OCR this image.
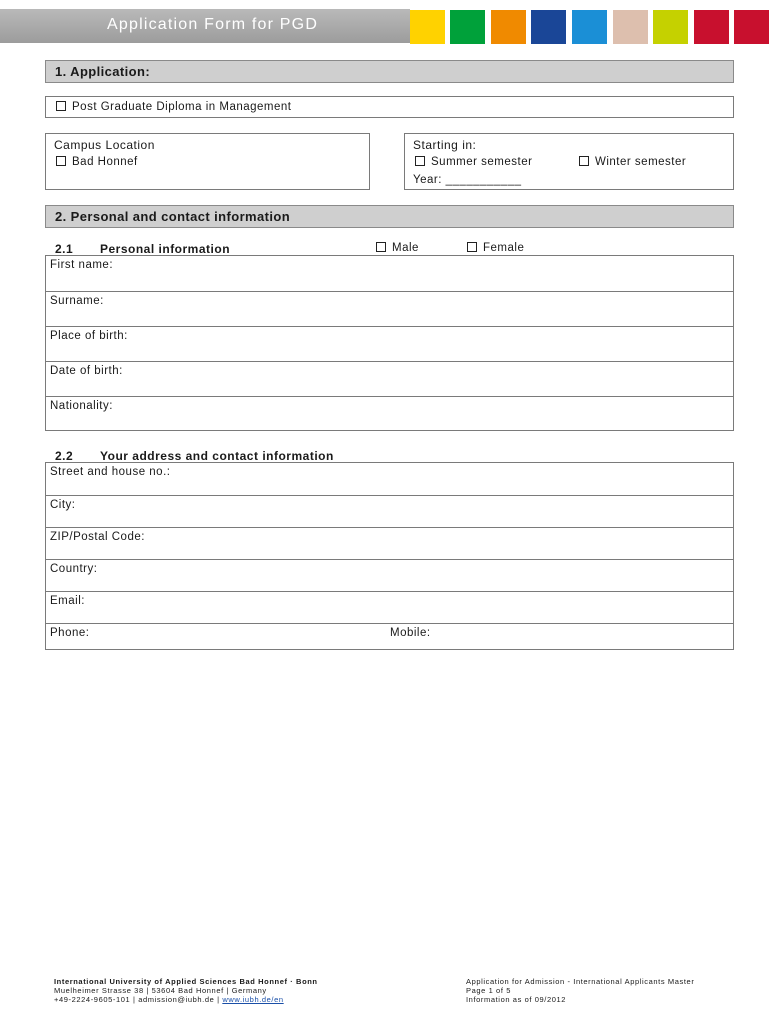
Application Form for PGD
1. Application:
Post Graduate Diploma in Management
Campus Location
Bad Honnef
Starting in:
Summer semester	Winter semester
Year: ___________
2. Personal and contact information
2.1 Personal information	Male	Female
First name:
Surname:
Place of birth:
Date of birth:
Nationality:
2.2 Your address and contact information
Street and house no.:
City:
ZIP/Postal Code:
Country:
Email:
Phone:	Mobile:
International University of Applied Sciences Bad Honnef · Bonn
Muelheimer Strasse 38 | 53604 Bad Honnef | Germany
+49-2224-9605-101 | admission@iubh.de | www.iubh.de/en
Application for Admission - International Applicants Master
Page 1 of 5
Information as of 09/2012
